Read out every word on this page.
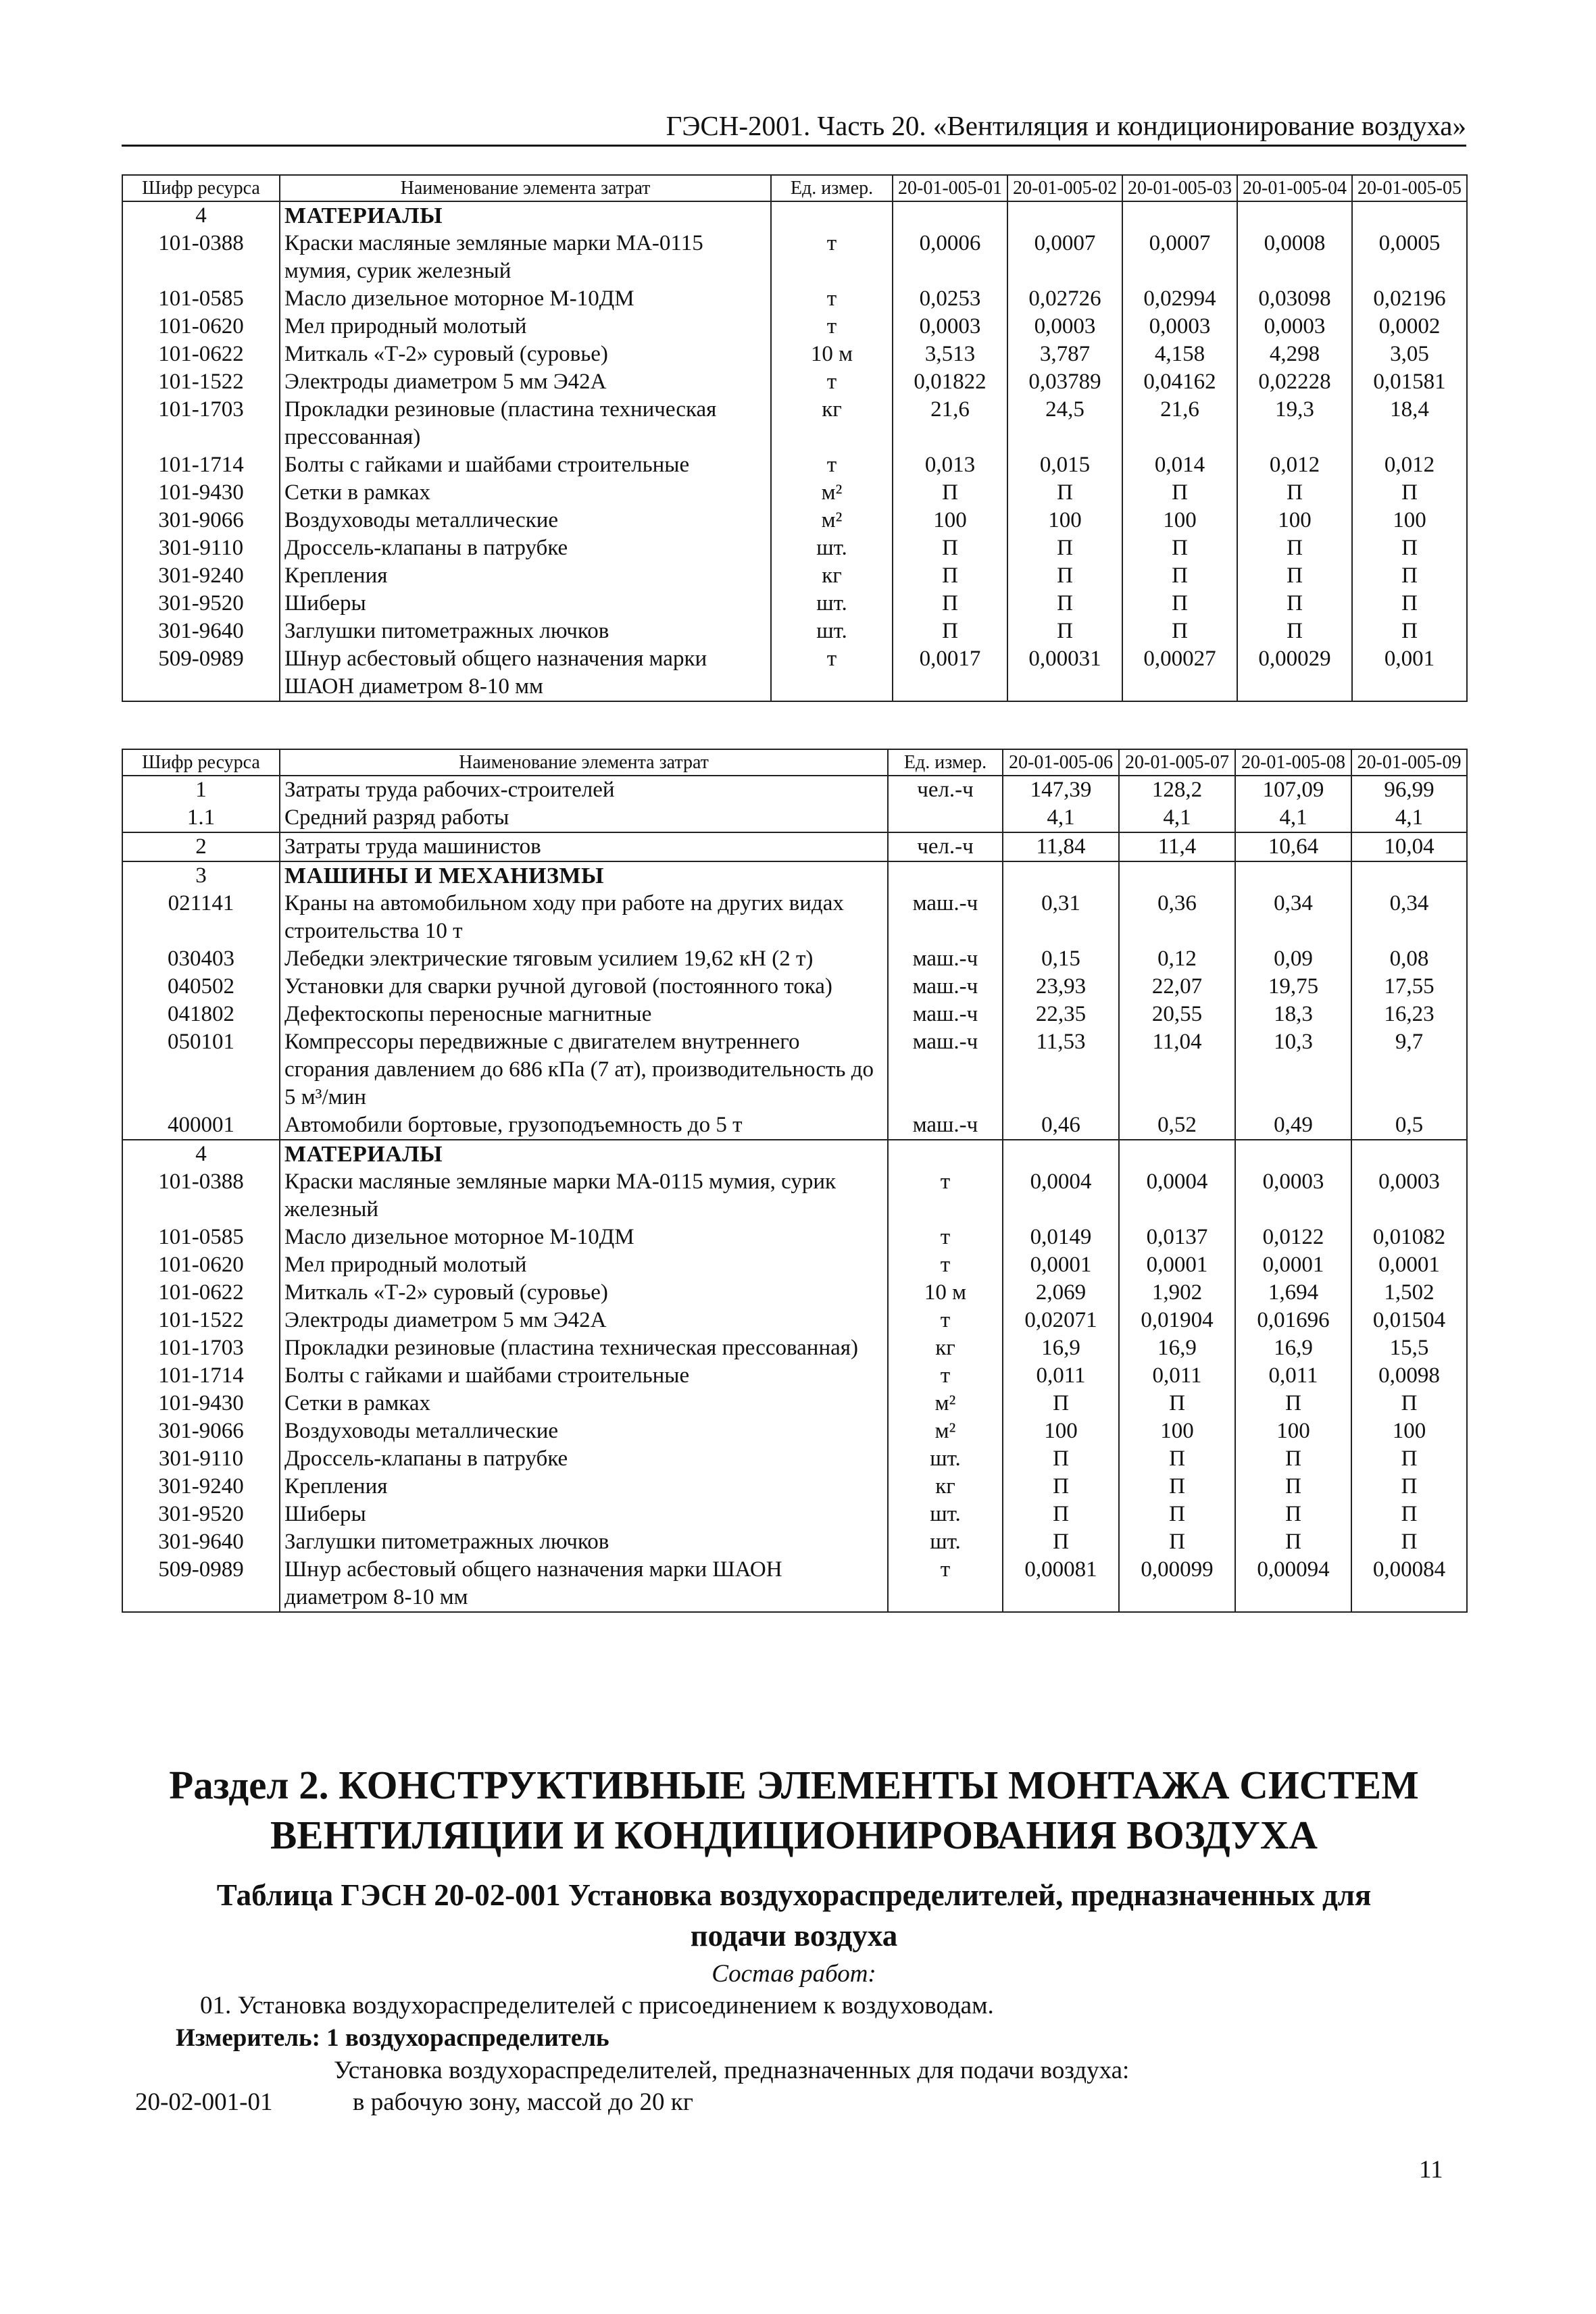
ГЭСН-2001. Часть 20. «Вентиляция и кондиционирование воздуха»
Шифр ресурса	Наименование элемента затрат	Ед. измер.	20-01-005-01	20-01-005-02	20-01-005-03	20-01-005-04	20-01-005-05
4	МАТЕРИАЛЫ						
101-0388	Краски масляные земляные марки МА-0115 мумия, сурик железный	т	0,0006	0,0007	0,0007	0,0008	0,0005
101-0585	Масло дизельное моторное М-10ДМ	т	0,0253	0,02726	0,02994	0,03098	0,02196
101-0620	Мел природный молотый	т	0,0003	0,0003	0,0003	0,0003	0,0002
101-0622	Миткаль «Т-2» суровый (суровье)	10 м	3,513	3,787	4,158	4,298	3,05
101-1522	Электроды диаметром 5 мм Э42А	т	0,01822	0,03789	0,04162	0,02228	0,01581
101-1703	Прокладки резиновые (пластина техническая прессованная)	кг	21,6	24,5	21,6	19,3	18,4
101-1714	Болты с гайками и шайбами строительные	т	0,013	0,015	0,014	0,012	0,012
101-9430	Сетки в рамках	м²	П	П	П	П	П
301-9066	Воздуховоды металлические	м²	100	100	100	100	100
301-9110	Дроссель-клапаны в патрубке	шт.	П	П	П	П	П
301-9240	Крепления	кг	П	П	П	П	П
301-9520	Шиберы	шт.	П	П	П	П	П
301-9640	Заглушки питометражных лючков	шт.	П	П	П	П	П
509-0989	Шнур асбестовый общего назначения марки ШАОН диаметром 8-10 мм	т	0,0017	0,00031	0,00027	0,00029	0,001
Шифр ресурса	Наименование элемента затрат	Ед. измер.	20-01-005-06	20-01-005-07	20-01-005-08	20-01-005-09
1	Затраты труда рабочих-строителей	чел.-ч	147,39	128,2	107,09	96,99
1.1	Средний разряд работы		4,1	4,1	4,1	4,1
2	Затраты труда машинистов	чел.-ч	11,84	11,4	10,64	10,04
3	МАШИНЫ И МЕХАНИЗМЫ					
021141	Краны на автомобильном ходу при работе на других видах строительства 10 т	маш.-ч	0,31	0,36	0,34	0,34
030403	Лебедки электрические тяговым усилием 19,62 кН (2 т)	маш.-ч	0,15	0,12	0,09	0,08
040502	Установки для сварки ручной дуговой (постоянного тока)	маш.-ч	23,93	22,07	19,75	17,55
041802	Дефектоскопы переносные магнитные	маш.-ч	22,35	20,55	18,3	16,23
050101	Компрессоры передвижные с двигателем внутреннего сгорания давлением до 686 кПа (7 ат), производительность до 5 м³/мин	маш.-ч	11,53	11,04	10,3	9,7
400001	Автомобили бортовые, грузоподъемность до 5 т	маш.-ч	0,46	0,52	0,49	0,5
4	МАТЕРИАЛЫ					
101-0388	Краски масляные земляные марки МА-0115 мумия, сурик железный	т	0,0004	0,0004	0,0003	0,0003
101-0585	Масло дизельное моторное М-10ДМ	т	0,0149	0,0137	0,0122	0,01082
101-0620	Мел природный молотый	т	0,0001	0,0001	0,0001	0,0001
101-0622	Миткаль «Т-2» суровый (суровье)	10 м	2,069	1,902	1,694	1,502
101-1522	Электроды диаметром 5 мм Э42А	т	0,02071	0,01904	0,01696	0,01504
101-1703	Прокладки резиновые (пластина техническая прессованная)	кг	16,9	16,9	16,9	15,5
101-1714	Болты с гайками и шайбами строительные	т	0,011	0,011	0,011	0,0098
101-9430	Сетки в рамках	м²	П	П	П	П
301-9066	Воздуховоды металлические	м²	100	100	100	100
301-9110	Дроссель-клапаны в патрубке	шт.	П	П	П	П
301-9240	Крепления	кг	П	П	П	П
301-9520	Шиберы	шт.	П	П	П	П
301-9640	Заглушки питометражных лючков	шт.	П	П	П	П
509-0989	Шнур асбестовый общего назначения марки ШАОН диаметром 8-10 мм	т	0,00081	0,00099	0,00094	0,00084
Раздел 2. КОНСТРУКТИВНЫЕ ЭЛЕМЕНТЫ МОНТАЖА СИСТЕМ
ВЕНТИЛЯЦИИ И КОНДИЦИОНИРОВАНИЯ ВОЗДУХА
Таблица ГЭСН 20-02-001 Установка воздухораспределителей, предназначенных для
подачи воздуха
Состав работ:
01. Установка воздухораспределителей с присоединением к воздуховодам.
Измеритель: 1 воздухораспределитель
Установка воздухораспределителей, предназначенных для подачи воздуха:
20-02-001-01	в рабочую зону, массой до 20 кг
11
